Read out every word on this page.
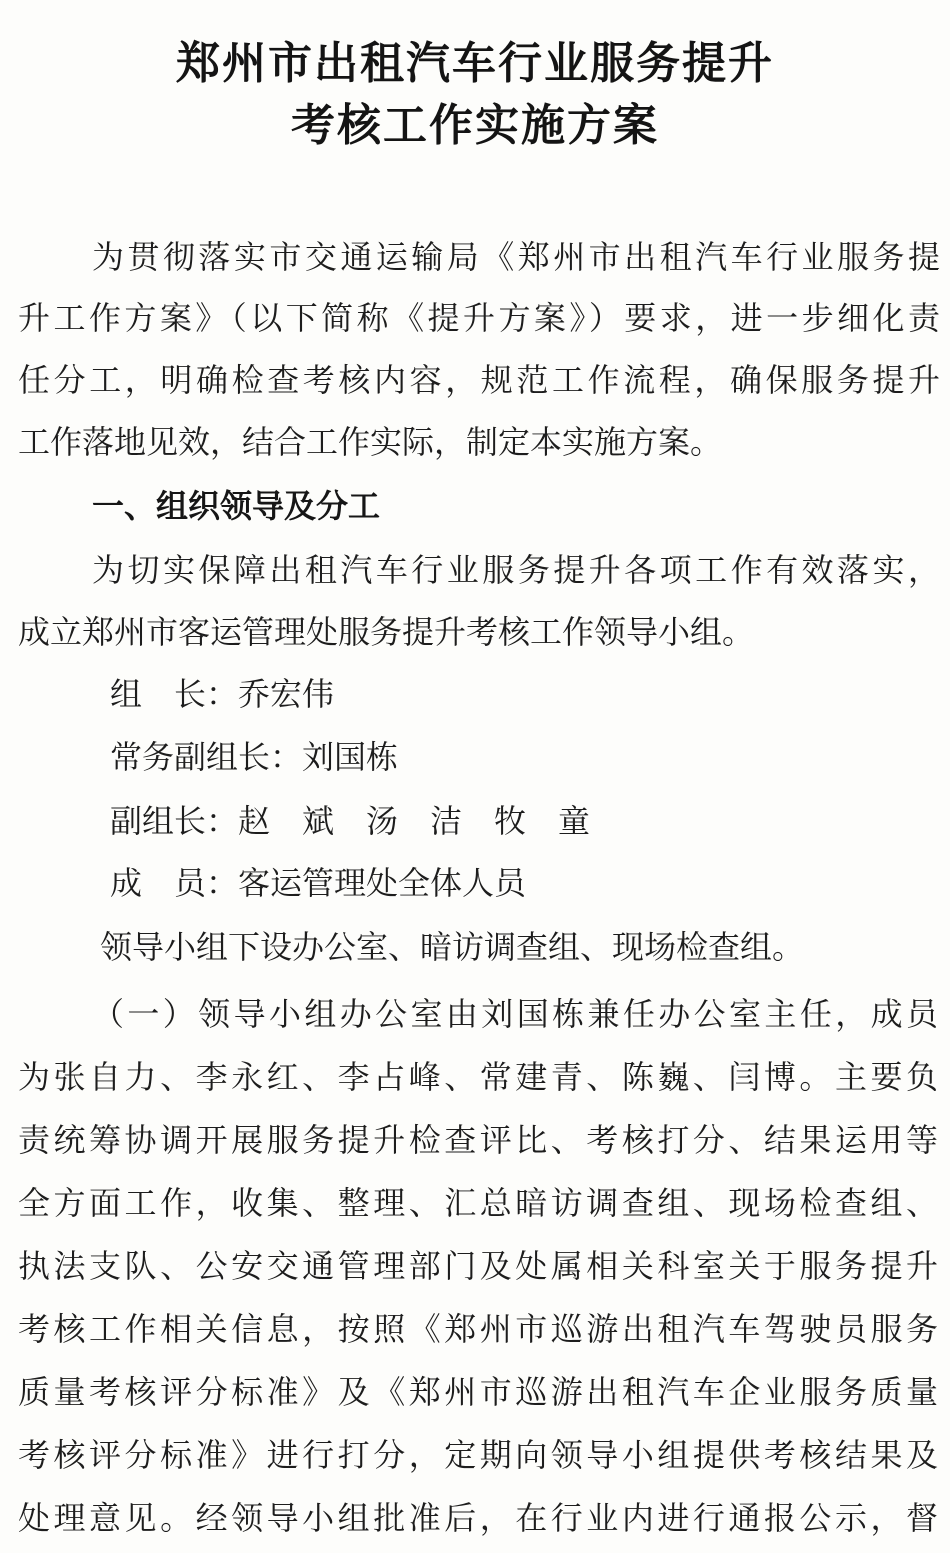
郑州市出租汽车行业服务提升
考核工作实施方案
为贯彻落实市交通运输局《郑州市出租汽车行业服务提
升工作方案》（以下简称《提升方案》）要求，进一步细化责
任分工，明确检查考核内容，规范工作流程，确保服务提升
工作落地见效，结合工作实际，制定本实施方案。
一、组织领导及分工
为切实保障出租汽车行业服务提升各项工作有效落实，
成立郑州市客运管理处服务提升考核工作领导小组。
组　长：乔宏伟
常务副组长：刘国栋
副组长：赵　斌　汤　洁　牧　童
成　员：客运管理处全体人员
领导小组下设办公室、暗访调查组、现场检查组。
（一）领导小组办公室由刘国栋兼任办公室主任，成员
为张自力、李永红、李占峰、常建青、陈巍、闫博。主要负
责统筹协调开展服务提升检查评比、考核打分、结果运用等
全方面工作，收集、整理、汇总暗访调查组、现场检查组、
执法支队、公安交通管理部门及处属相关科室关于服务提升
考核工作相关信息，按照《郑州市巡游出租汽车驾驶员服务
质量考核评分标准》及《郑州市巡游出租汽车企业服务质量
考核评分标准》进行打分，定期向领导小组提供考核结果及
处理意见。经领导小组批准后，在行业内进行通报公示，督
